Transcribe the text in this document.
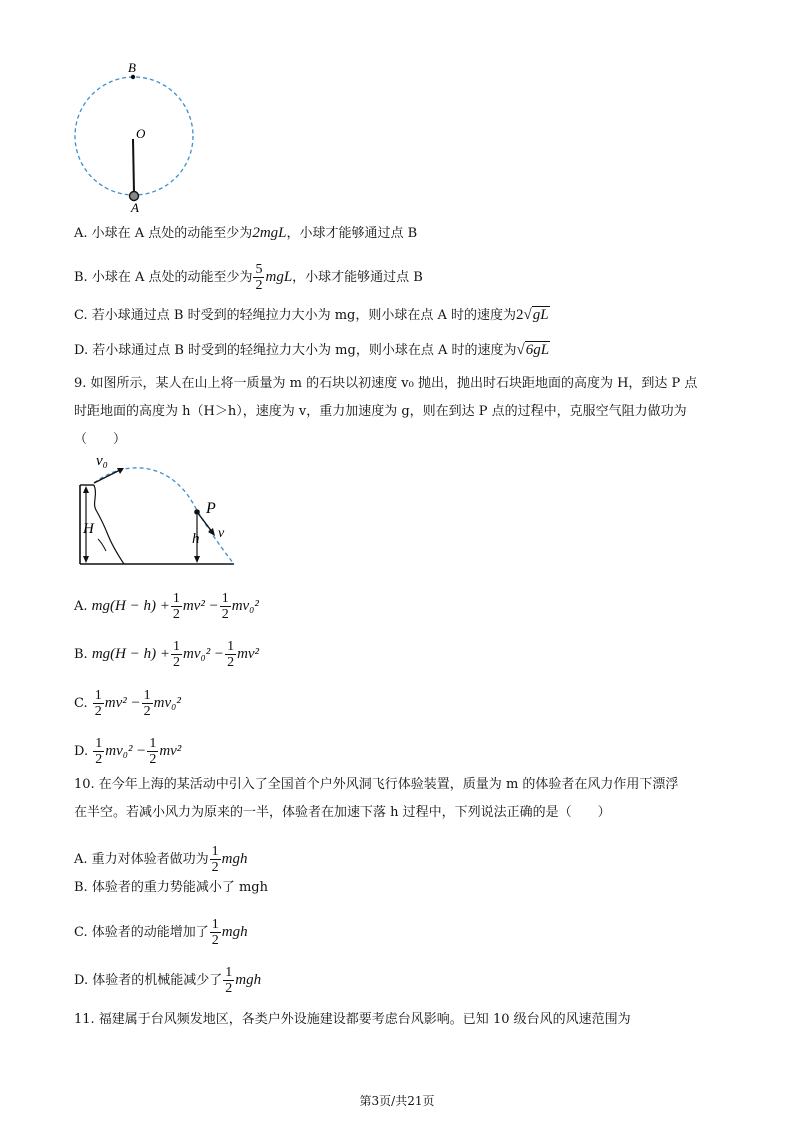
B
O
A
A. 小球在 A 点处的动能至少为2mgL，小球才能够通过点 B
B. 小球在 A 点处的动能至少为 $\frac{5}{2}$ mgL，小球才能够通过点 B
C. 若小球通过点 B 时受到的轻绳拉力大小为 mg，则小球在点 A 时的速度为2√gL
D. 若小球通过点 B 时受到的轻绳拉力大小为 mg，则小球在点 A 时的速度为√6gL
9. 如图所示，某人在山上将一质量为 m 的石块以初速度 v₀ 抛出，抛出时石块距地面的高度为 H，到达 P 点
时距地面的高度为 h（H＞h），速度为 v，重力加速度为 g，则在到达 P 点的过程中，克服空气阻力做功为
（　　）
v₀
H
P
h v
A. $mg(H - h) + \frac{1}{2} mv^2 - \frac{1}{2} mv_0^2$
B. $mg(H - h) + \frac{1}{2} mv_0^2 - \frac{1}{2} mv^2$
C. $\frac{1}{2} mv^2 - \frac{1}{2} mv_0^2$
D. $\frac{1}{2} mv_0^2 - \frac{1}{2} mv^2$
10. 在今年上海的某活动中引入了全国首个户外风洞飞行体验装置，质量为 m 的体验者在风力作用下漂浮
在半空。若减小风力为原来的一半，体验者在加速下落 h 过程中，下列说法正确的是（　　）
A. 重力对体验者做功为 $\frac{1}{2}$ mgh
B. 体验者的重力势能减小了 mgh
C. 体验者的动能增加了 $\frac{1}{2}$ mgh
D. 体验者的机械能减少了 $\frac{1}{2}$ mgh
11. 福建属于台风频发地区，各类户外设施建设都要考虑台风影响。已知 10 级台风的风速范围为
第3页/共21页
